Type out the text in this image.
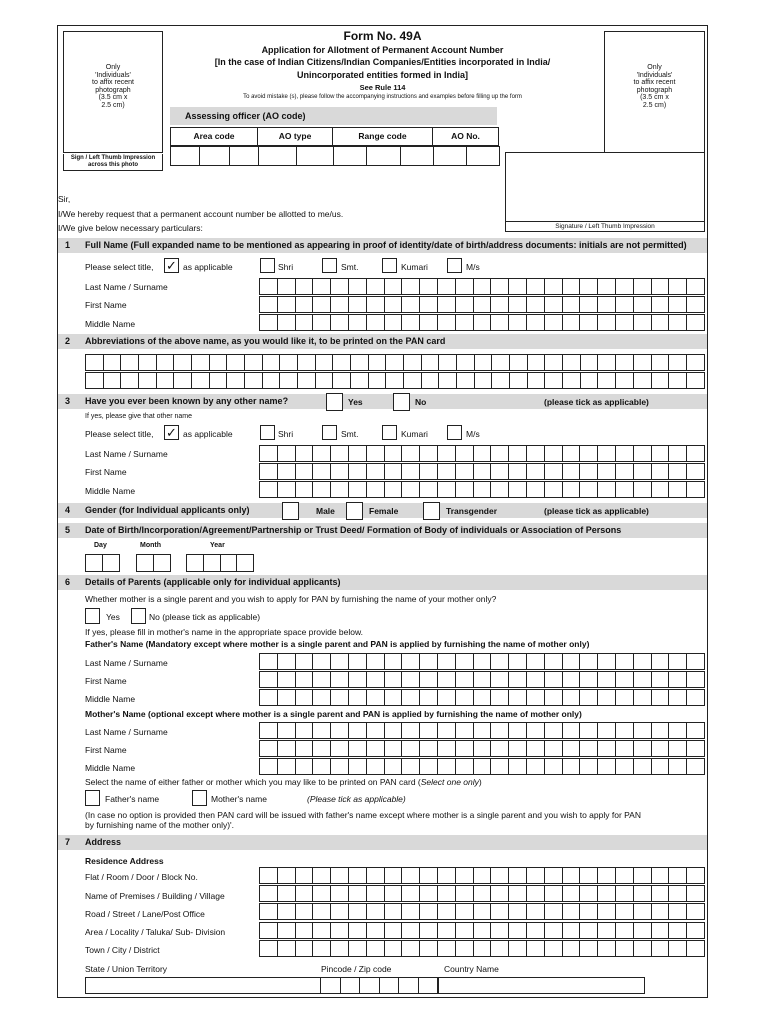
Only
'Individuals'
to affix recent
photograph
(3.5 cm x
2.5 cm)
Sign / Left Thumb Impression across this photo
Only
'Individuals'
to affix recent
photograph
(3.5 cm x
2.5 cm)
Form No. 49A
Application for Allotment of Permanent Account Number
[In the case of Indian Citizens/Indian Companies/Entities incorporated in India/
Unincorporated entities formed in India]
See Rule 114
To avoid mistake (s), please follow the accompanying instructions and examples before filling up the form
Assessing officer (AO code)
Area code	AO type	Range code	AO No.
Signature / Left Thumb Impression
Sir,
I/We hereby request that a permanent account number be allotted to me/us.
I/We give below necessary particulars:
1 Full Name (Full expanded name to be mentioned as appearing in proof of identity/date of birth/address documents: initials are not permitted)
Please select title, ✓ as applicable	Shri	Smt.	Kumari	M/s
Last Name / Surname
First Name
Middle Name
2 Abbreviations of the above name, as you would like it, to be printed on the PAN card
3 Have you ever been known by any other name?	Yes	No	(please tick as applicable)
If yes, please give that other name
Please select title, ✓ as applicable	Shri	Smt.	Kumari	M/s
Last Name / Surname
First Name
Middle Name
4 Gender (for Individual applicants only)	Male	Female	Transgender	(please tick as applicable)
5 Date of Birth/Incorporation/Agreement/Partnership or Trust Deed/ Formation of Body of individuals or Association of Persons
Day	Month	Year
6 Details of Parents (applicable only for individual applicants)
Whether mother is a single parent and you wish to apply for PAN by furnishing the name of your mother only?
Yes	No (please tick as applicable)
If yes, please fill in mother's name in the appropriate space provide below.
Father's Name (Mandatory except where mother is a single parent and PAN is applied by furnishing the name of mother only)
Last Name / Surname
First Name
Middle Name
Mother's Name (optional except where mother is a single parent and PAN is applied by furnishing the name of mother only)
Last Name / Surname
First Name
Middle Name
Select the name of either father or mother which you may like to be printed on PAN card (Select one only)
Father's name	Mother's name	(Please tick as applicable)
(In case no option is provided then PAN card will be issued with father's name except where mother is a single parent and you wish to apply for PAN
by furnishing name of the mother only)'.
7 Address
Residence Address
Flat / Room / Door / Block No.
Name of Premises / Building / Village
Road / Street / Lane/Post Office
Area / Locality / Taluka/ Sub- Division
Town / City / District
State / Union Territory	Pincode / Zip code	Country Name
